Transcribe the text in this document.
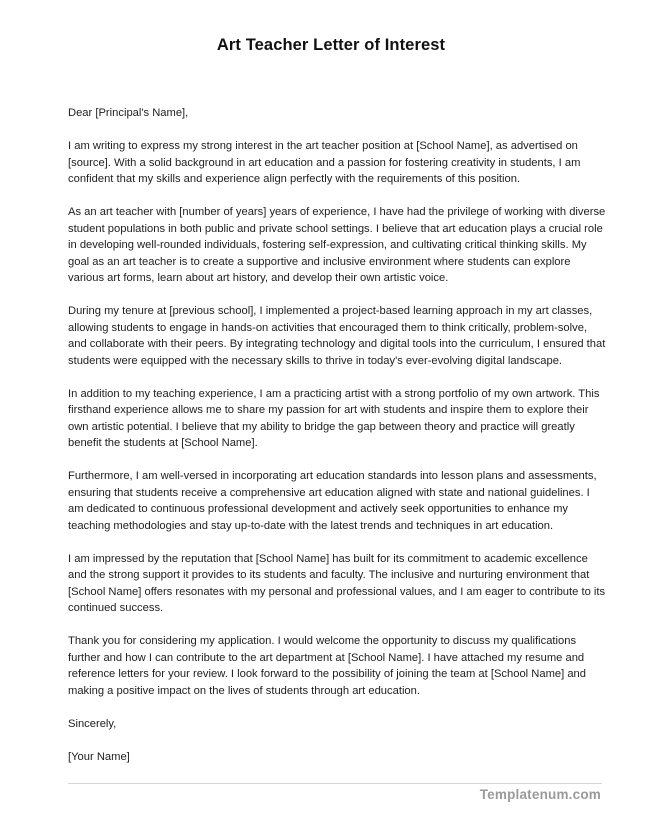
Art Teacher Letter of Interest

Dear [Principal's Name],

I am writing to express my strong interest in the art teacher position at [School Name], as advertised on [source]. With a solid background in art education and a passion for fostering creativity in students, I am confident that my skills and experience align perfectly with the requirements of this position.

As an art teacher with [number of years] years of experience, I have had the privilege of working with diverse student populations in both public and private school settings. I believe that art education plays a crucial role in developing well-rounded individuals, fostering self-expression, and cultivating critical thinking skills. My goal as an art teacher is to create a supportive and inclusive environment where students can explore various art forms, learn about art history, and develop their own artistic voice.

During my tenure at [previous school], I implemented a project-based learning approach in my art classes, allowing students to engage in hands-on activities that encouraged them to think critically, problem-solve, and collaborate with their peers. By integrating technology and digital tools into the curriculum, I ensured that students were equipped with the necessary skills to thrive in today's ever-evolving digital landscape.

In addition to my teaching experience, I am a practicing artist with a strong portfolio of my own artwork. This firsthand experience allows me to share my passion for art with students and inspire them to explore their own artistic potential. I believe that my ability to bridge the gap between theory and practice will greatly benefit the students at [School Name].

Furthermore, I am well-versed in incorporating art education standards into lesson plans and assessments, ensuring that students receive a comprehensive art education aligned with state and national guidelines. I am dedicated to continuous professional development and actively seek opportunities to enhance my teaching methodologies and stay up-to-date with the latest trends and techniques in art education.

I am impressed by the reputation that [School Name] has built for its commitment to academic excellence and the strong support it provides to its students and faculty. The inclusive and nurturing environment that [School Name] offers resonates with my personal and professional values, and I am eager to contribute to its continued success.

Thank you for considering my application. I would welcome the opportunity to discuss my qualifications further and how I can contribute to the art department at [School Name]. I have attached my resume and reference letters for your review. I look forward to the possibility of joining the team at [School Name] and making a positive impact on the lives of students through art education.

Sincerely,

[Your Name]

Templatenum.com
